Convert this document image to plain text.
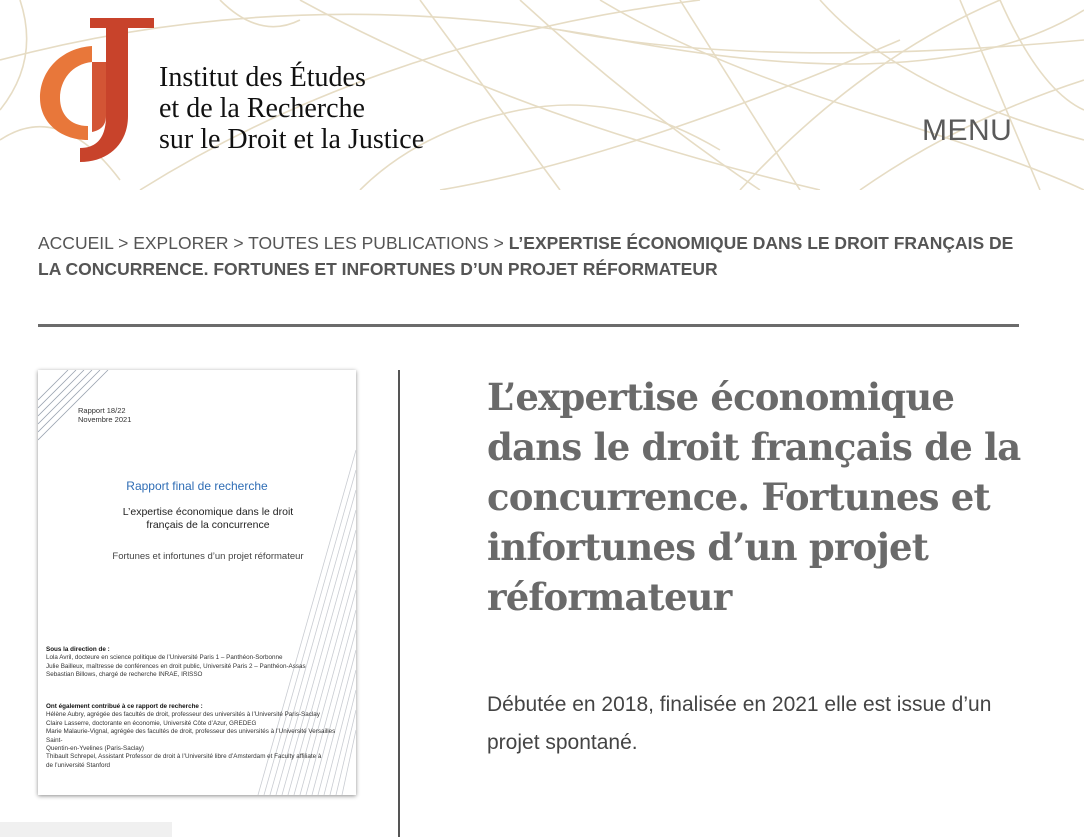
Institut des Études
et de la Recherche
sur le Droit et la Justice	MENU
ACCUEIL > EXPLORER > TOUTES LES PUBLICATIONS > L’EXPERTISE ÉCONOMIQUE DANS LE DROIT FRANÇAIS DE LA CONCURRENCE. FORTUNES ET INFORTUNES D’UN PROJET RÉFORMATEUR
Rapport 18/22
Novembre 2021
Rapport final de recherche
L’expertise économique dans le droit français de la concurrence
Fortunes et infortunes d’un projet réformateur
Sous la direction de :
Lola Avril, docteure en science politique de l’Université Paris 1 – Panthéon-Sorbonne
Julie Bailleux, maîtresse de conférences en droit public, Université Paris 2 – Panthéon-Assas
Sebastian Billows, chargé de recherche INRAE, IRISSO
Ont également contribué à ce rapport de recherche :
Hélène Aubry, agrégée des facultés de droit, professeur des universités à l’Université Paris-Saclay
Claire Lasserre, doctorante en économie, Université Côte d’Azur, GREDEG
Marie Malaurie-Vignal, agrégée des facultés de droit, professeur des universités à l’Université Versailles Saint-
Quentin-en-Yvelines (Paris-Saclay)
Thibault Schrepel, Assistant Professor de droit à l’Université libre d’Amsterdam et Faculty affiliate à
de l’université Stanford
L’expertise économique dans le droit français de la concurrence. Fortunes et infortunes d’un projet réformateur

Débutée en 2018, finalisée en 2021 elle est issue d’un projet spontané.
